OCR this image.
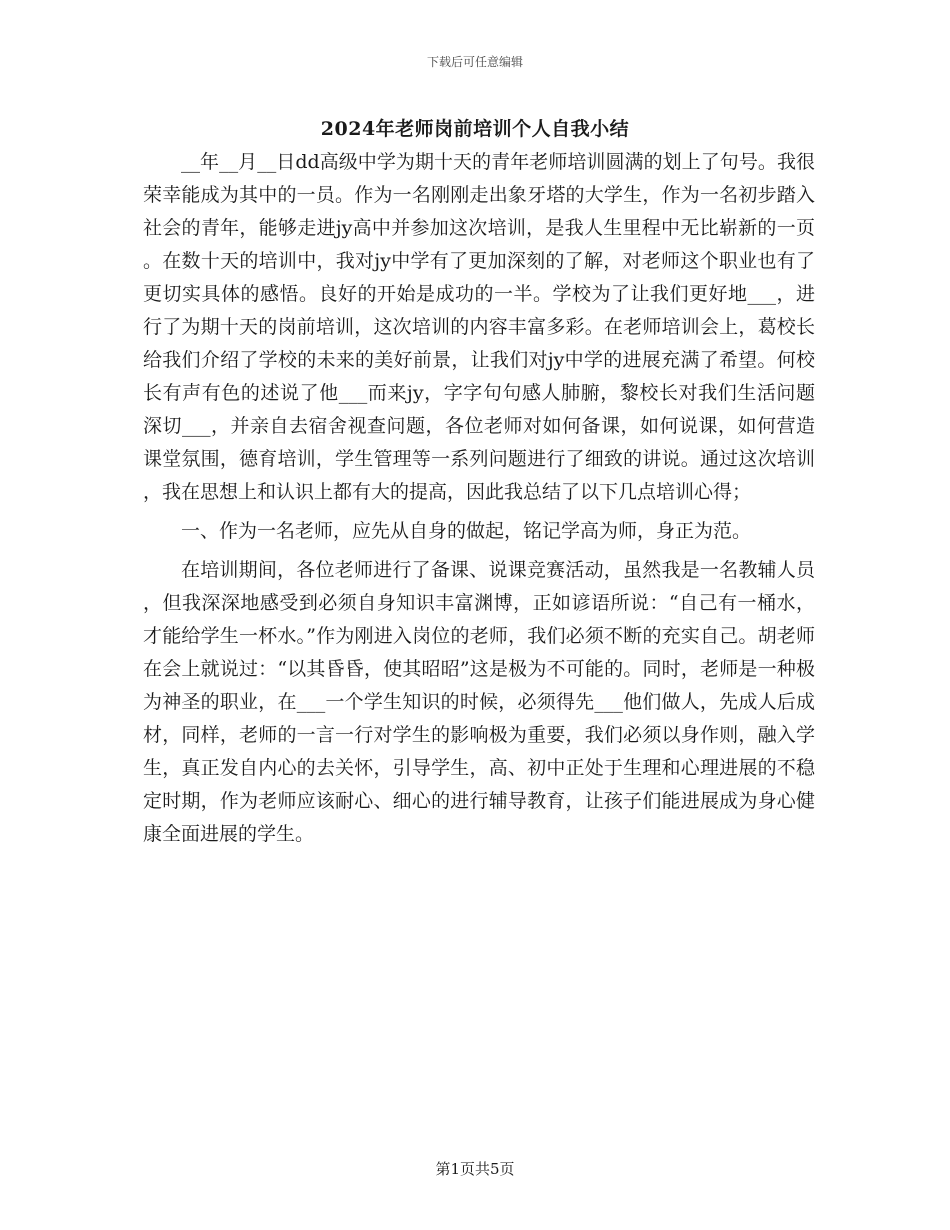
下载后可任意编辑
2024年老师岗前培训个人自我小结

__年__月__日dd高级中学为期十天的青年老师培训圆满的划上了句号。我很荣幸能成为其中的一员。作为一名刚刚走出象牙塔的大学生，作为一名初步踏入社会的青年，能够走进jy高中并参加这次培训，是我人生里程中无比崭新的一页。在数十天的培训中，我对jy中学有了更加深刻的了解，对老师这个职业也有了更切实具体的感悟。良好的开始是成功的一半。学校为了让我们更好地___，进行了为期十天的岗前培训，这次培训的内容丰富多彩。在老师培训会上，葛校长给我们介绍了学校的未来的美好前景，让我们对jy中学的进展充满了希望。何校长有声有色的述说了他___而来jy，字字句句感人肺腑，黎校长对我们生活问题深切___，并亲自去宿舍视查问题，各位老师对如何备课，如何说课，如何营造课堂氛围，德育培训，学生管理等一系列问题进行了细致的讲说。通过这次培训，我在思想上和认识上都有大的提高，因此我总结了以下几点培训心得；

一、作为一名老师，应先从自身的做起，铭记学高为师，身正为范。

在培训期间，各位老师进行了备课、说课竞赛活动，虽然我是一名教辅人员，但我深深地感受到必须自身知识丰富渊博，正如谚语所说：“自己有一桶水，才能给学生一杯水。”作为刚进入岗位的老师，我们必须不断的充实自己。胡老师在会上就说过：“以其昏昏，使其昭昭”这是极为不可能的。同时，老师是一种极为神圣的职业，在___一个学生知识的时候，必须得先___他们做人，先成人后成材，同样，老师的一言一行对学生的影响极为重要，我们必须以身作则，融入学生，真正发自内心的去关怀，引导学生，高、初中正处于生理和心理进展的不稳定时期，作为老师应该耐心、细心的进行辅导教育，让孩子们能进展成为身心健康全面进展的学生。

第1页共5页
